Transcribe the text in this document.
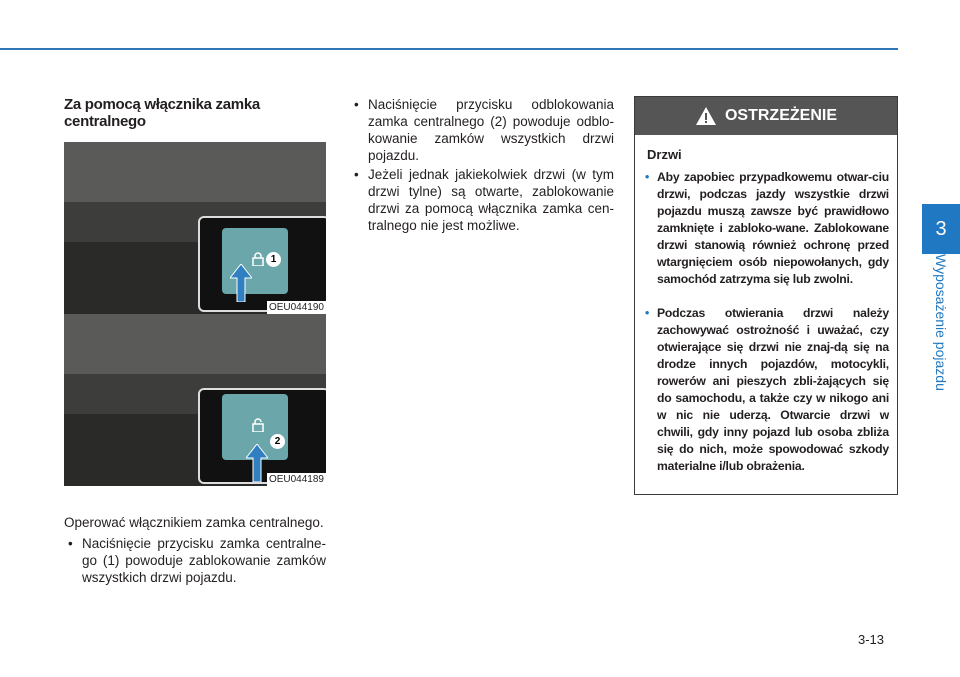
3
Wyposażenie pojazdu
Za pomocą włącznika zamka centralnego
1
OEU044190
2
OEU044189
Operować włącznikiem zamka centralnego.
• Naciśnięcie przycisku zamka centralne-go (1) powoduje zablokowanie zamków wszystkich drzwi pojazdu.
• Naciśnięcie przycisku odblokowania zamka centralnego (2) powoduje odblo-kowanie zamków wszystkich drzwi pojazdu.
• Jeżeli jednak jakiekolwiek drzwi (w tym drzwi tylne) są otwarte, zablokowanie drzwi za pomocą włącznika zamka cen-tralnego nie jest możliwe.
OSTRZEŻENIE
Drzwi
• Aby zapobiec przypadkowemu otwar-ciu drzwi, podczas jazdy wszystkie drzwi pojazdu muszą zawsze być prawidłowo zamknięte i zabloko-wane. Zablokowane drzwi stanowią również ochronę przed wtargnięciem osób niepowołanych, gdy samochód zatrzyma się lub zwolni.
• Podczas otwierania drzwi należy zachowywać ostrożność i uważać, czy otwierające się drzwi nie znaj-dą się na drodze innych pojazdów, motocykli, rowerów ani pieszych zbli-żających się do samochodu, a także czy w nikogo ani w nic nie uderzą. Otwarcie drzwi w chwili, gdy inny pojazd lub osoba zbliża się do nich, może spowodować szkody materialne i/lub obrażenia.
3-13
